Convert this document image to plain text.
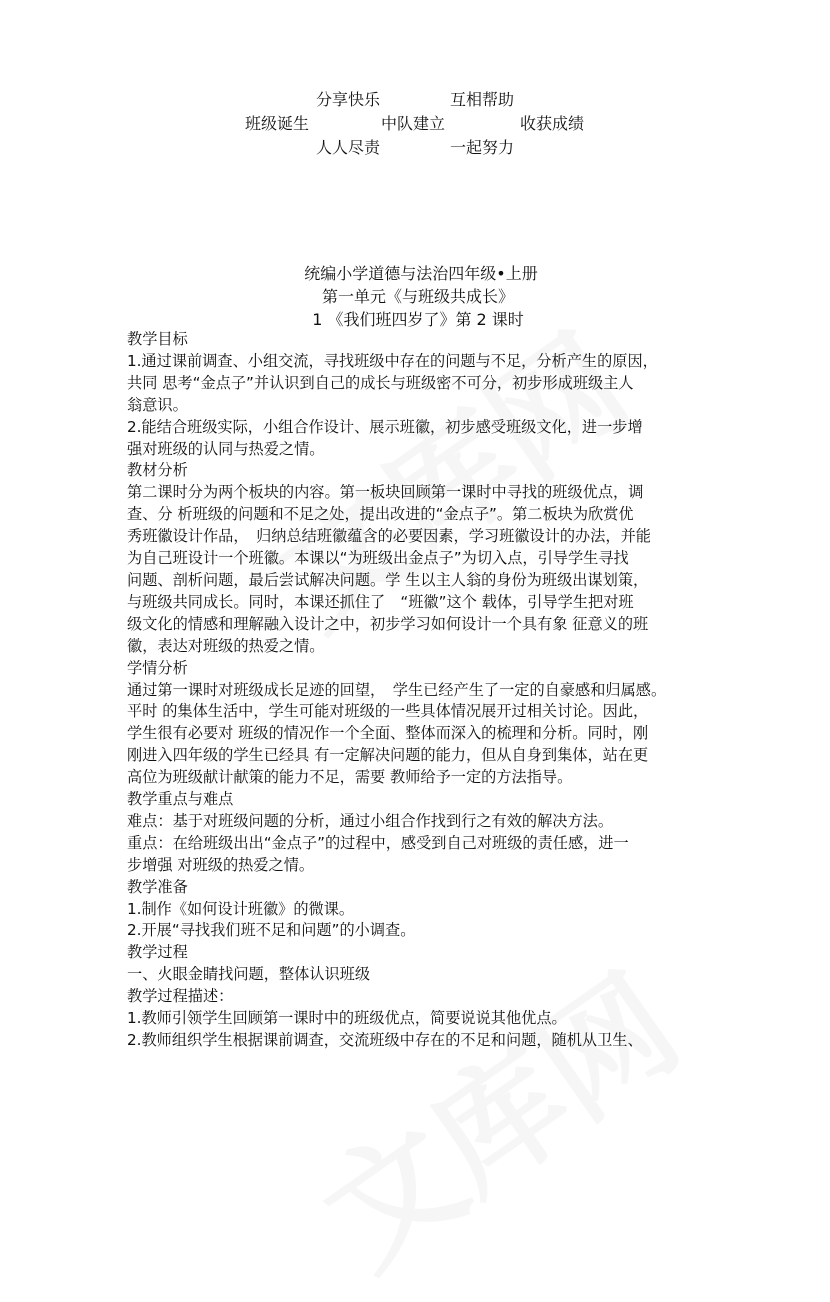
分享快乐	互相帮助
班级诞生	中队建立	收获成绩
人人尽责	一起努力
统编小学道德与法治四年级•上册
第一单元《与班级共成长》
1 《我们班四岁了》第 2 课时

教学目标

1.通过课前调查、小组交流，寻找班级中存在的问题与不足，分析产生的原因，

共同 思考“金点子”并认识到自己的成长与班级密不可分，初步形成班级主人

翁意识。

2.能结合班级实际，小组合作设计、展示班徽，初步感受班级文化，进一步增

强对班级的认同与热爱之情。

教材分析

第二课时分为两个板块的内容。第一板块回顾第一课时中寻找的班级优点，调

查、分 析班级的问题和不足之处，提出改进的“金点子”。第二板块为欣赏优

秀班徽设计作品，　归纳总结班徽蕴含的必要因素，学习班徽设计的办法，并能

为自己班设计一个班徽。本课以“为班级出金点子”为切入点，引导学生寻找

问题、剖析问题，最后尝试解决问题。学 生以主人翁的身份为班级出谋划策，

与班级共同成长。同时，本课还抓住了　“班徽”这个 载体，引导学生把对班

级文化的情感和理解融入设计之中，初步学习如何设计一个具有象 征意义的班

徽，表达对班级的热爱之情。

学情分析

通过第一课时对班级成长足迹的回望，　学生已经产生了一定的自豪感和归属感。

平时 的集体生活中，学生可能对班级的一些具体情况展开过相关讨论。因此，

学生很有必要对 班级的情况作一个全面、整体而深入的梳理和分析。同时，刚

刚进入四年级的学生已经具 有一定解决问题的能力，但从自身到集体，站在更

高位为班级献计献策的能力不足，需要 教师给予一定的方法指导。

教学重点与难点

难点：基于对班级问题的分析，通过小组合作找到行之有效的解决方法。

重点：在给班级出出“金点子”的过程中，感受到自己对班级的责任感，进一

步增强 对班级的热爱之情。

教学准备

1.制作《如何设计班徽》的微课。

2.开展“寻找我们班不足和问题”的小调查。

教学过程

一、火眼金睛找问题，整体认识班级

教学过程描述：

1.教师引领学生回顾第一课时中的班级优点，简要说说其他优点。

2.教师组织学生根据课前调查，交流班级中存在的不足和问题，随机从卫生、
